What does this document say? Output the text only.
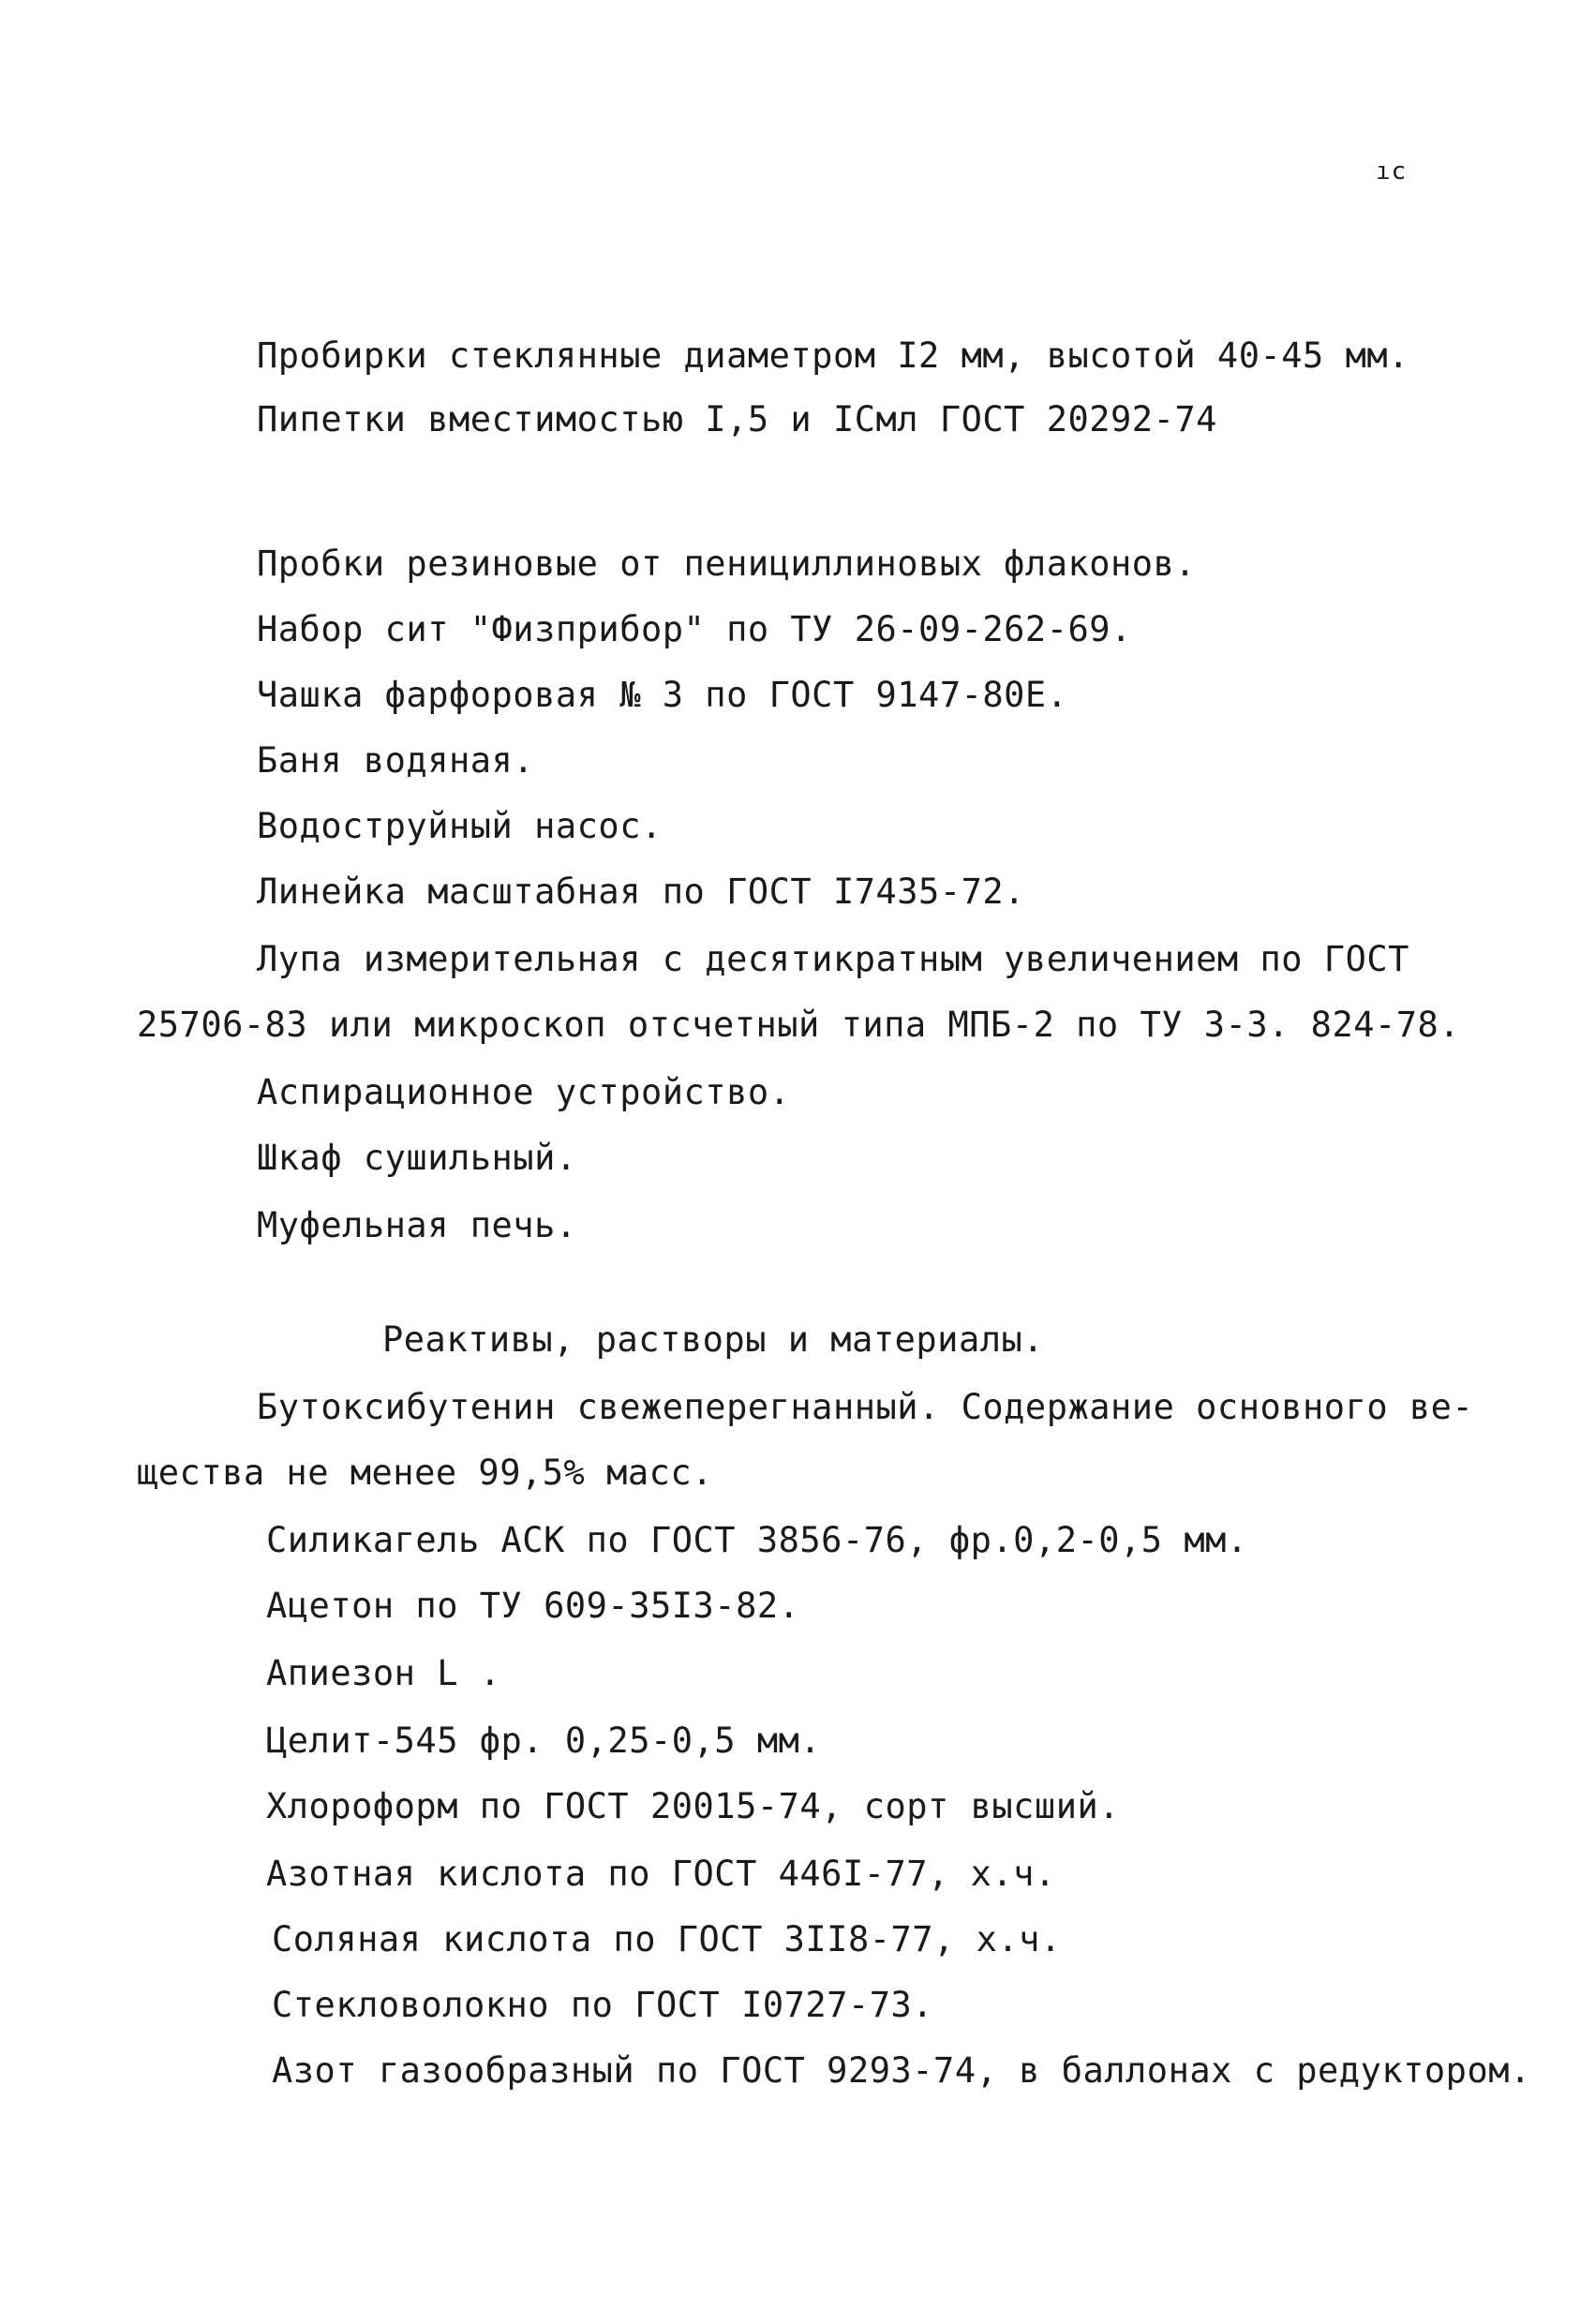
ıс
Пробирки стеклянные диаметром I2 мм, высотой 40-45 мм.
Пипетки вместимостью I,5 и IСмл ГОСТ 20292-74
Пробки резиновые от пенициллиновых флаконов.
Набор сит "Физприбор" по ТУ 26-09-262-69.
Чашка фарфоровая № 3 по ГОСТ 9147-80Е.
Баня водяная.
Водоструйный насос.
Линейка масштабная по ГОСТ I7435-72.
Лупа измерительная с десятикратным увеличением по ГОСТ
25706-83 или микроскоп отсчетный типа МПБ-2 по ТУ 3-3. 824-78.
Аспирационное устройство.
Шкаф сушильный.
Муфельная печь.
Реактивы, растворы и материалы.
Бутоксибутенин свежеперегнанный. Содержание основного ве-
щества не менее 99,5% масс.
Силикагель АСК по ГОСТ 3856-76, фр.0,2-0,5 мм.
Ацетон по ТУ 609-35I3-82.
Апиезон L .
Целит-545 фр. 0,25-0,5 мм.
Хлороформ по ГОСТ 20015-74, сорт высший.
Азотная кислота по ГОСТ 446I-77, х.ч.
Соляная кислота по ГОСТ 3II8-77, х.ч.
Стекловолокно по ГОСТ I0727-73.
Азот газообразный по ГОСТ 9293-74, в баллонах с редуктором.
